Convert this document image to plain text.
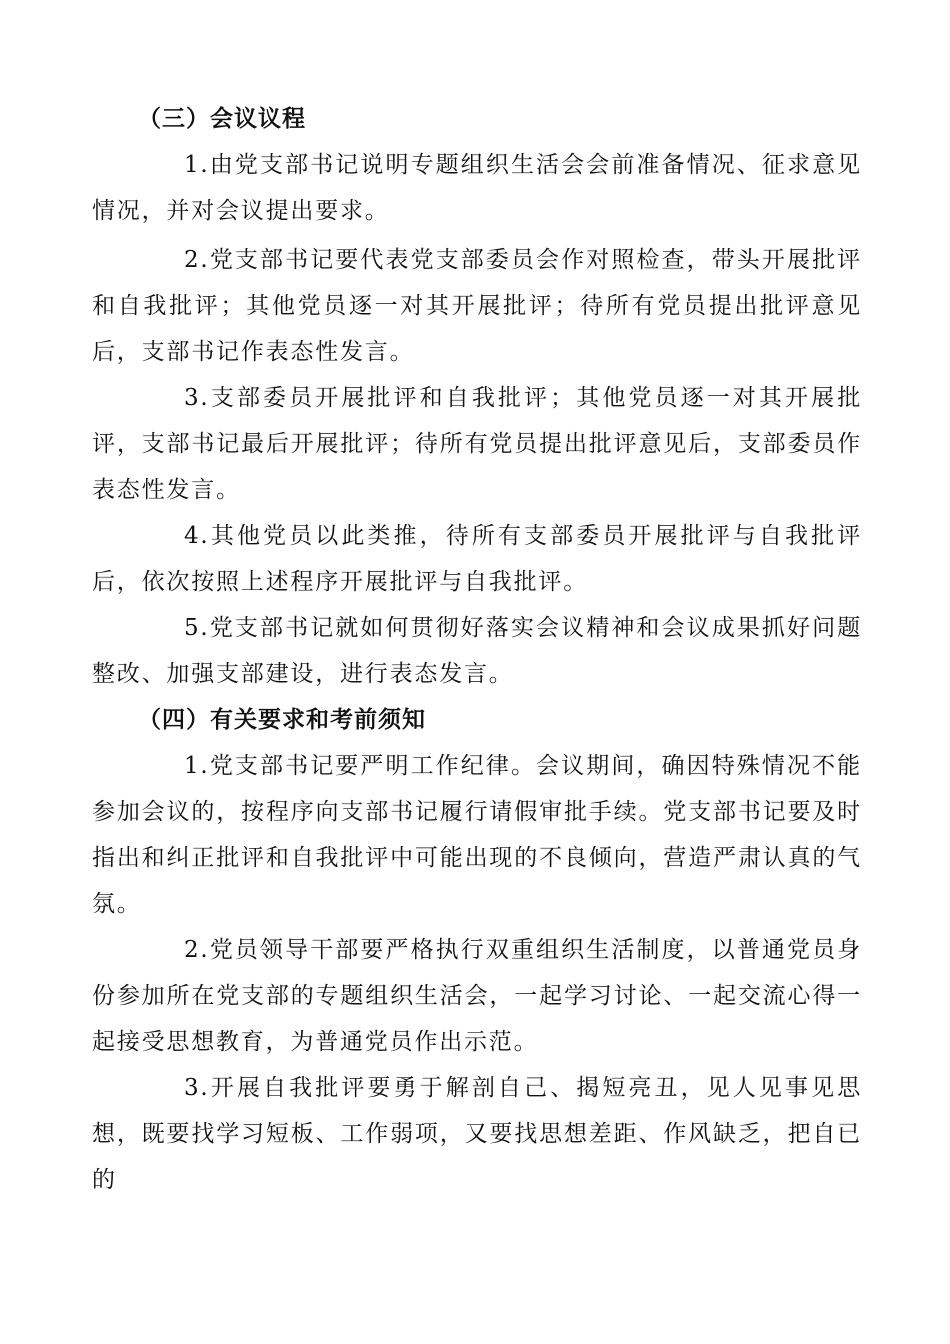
（三）会议议程

1.由党支部书记说明专题组织生活会会前准备情况、征求意见情况，并对会议提出要求。

2.党支部书记要代表党支部委员会作对照检查，带头开展批评和自我批评；其他党员逐一对其开展批评；待所有党员提出批评意见后，支部书记作表态性发言。

3.支部委员开展批评和自我批评；其他党员逐一对其开展批评，支部书记最后开展批评；待所有党员提出批评意见后，支部委员作表态性发言。

4.其他党员以此类推，待所有支部委员开展批评与自我批评后，依次按照上述程序开展批评与自我批评。

5.党支部书记就如何贯彻好落实会议精神和会议成果抓好问题整改、加强支部建设，进行表态发言。

（四）有关要求和考前须知

1.党支部书记要严明工作纪律。会议期间，确因特殊情况不能参加会议的，按程序向支部书记履行请假审批手续。党支部书记要及时指出和纠正批评和自我批评中可能出现的不良倾向，营造严肃认真的气氛。

2.党员领导干部要严格执行双重组织生活制度，以普通党员身份参加所在党支部的专题组织生活会，一起学习讨论、一起交流心得一起接受思想教育，为普通党员作出示范。

3.开展自我批评要勇于解剖自己、揭短亮丑，见人见事见思想，既要找学习短板、工作弱项，又要找思想差距、作风缺乏，把自已的
